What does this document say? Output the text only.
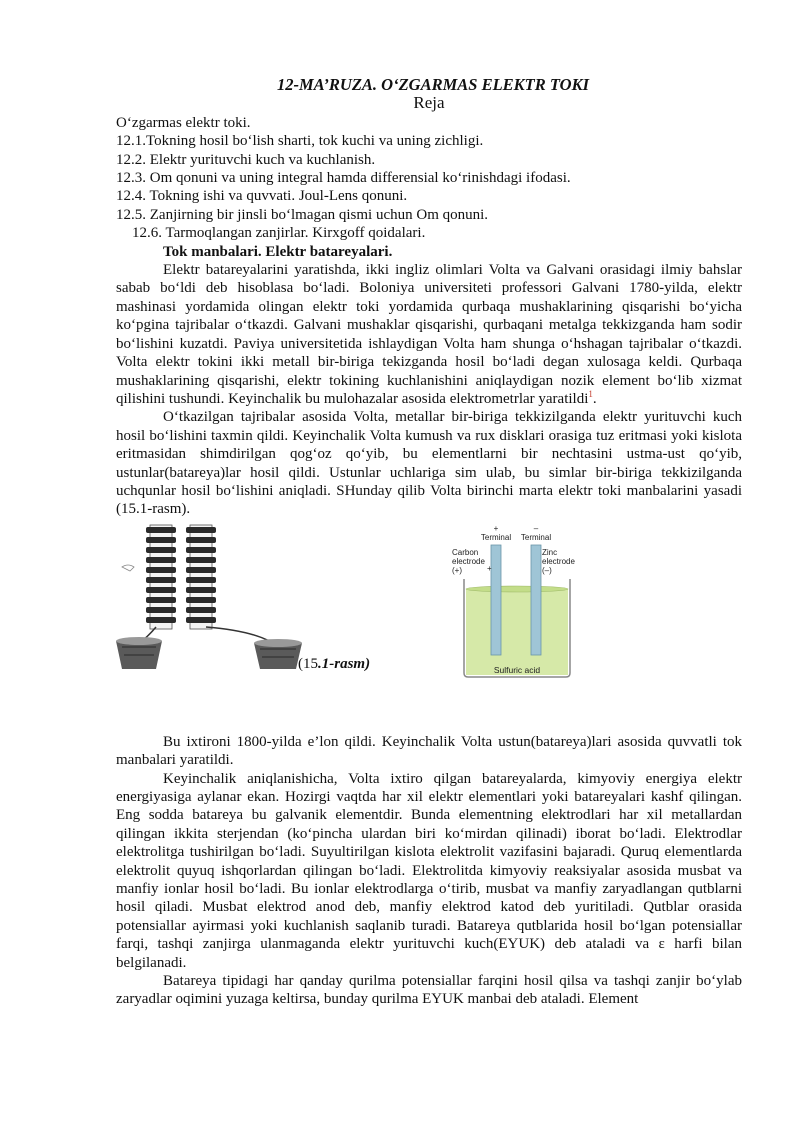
12-MA’RUZA. O‘ZGARMAS ELEKTR TOKI
Reja
O‘zgarmas elektr toki.
12.1.Tokning hosil bo‘lish sharti, tok kuchi va uning zichligi.
12.2. Elektr yurituvchi kuch va kuchlanish.
12.3. Om qonuni va uning integral hamda differensial ko‘rinishdagi ifodasi.
12.4. Tokning ishi va quvvati. Joul-Lens qonuni.
12.5. Zanjirning bir jinsli bo‘lmagan qismi uchun Om qonuni.
12.6. Tarmoqlangan zanjirlar. Kirxgoff qoidalari.
Tok manbalari. Elektr batareyalari.

Elektr batareyalarini yaratishda, ikki ingliz olimlari Volta va Galvani orasidagi ilmiy bahslar sabab bo‘ldi deb hisoblasa bo‘ladi. Boloniya universiteti professori Galvani 1780-yilda, elektr mashinasi yordamida olingan elektr toki yordamida qurbaqa mushaklarining qisqarishi bo‘yicha ko‘pgina tajribalar o‘tkazdi. Galvani mushaklar qisqarishi, qurbaqani metalga tekkizganda ham sodir bo‘lishini kuzatdi. Paviya universitetida ishlaydigan Volta ham shunga o‘hshagan tajribalar o‘tkazdi. Volta elektr tokini ikki metall bir-biriga tekizganda hosil bo‘ladi degan xulosaga keldi. Qurbaqa mushaklarining qisqarishi, elektr tokining kuchlanishini aniqlaydigan nozik element bo‘lib xizmat qilishini tushundi. Keyinchalik bu mulohazalar asosida elektrometrlar yaratildi$^1$.

O‘tkazilgan tajribalar asosida Volta, metallar bir-biriga tekkizilganda elektr yurituvchi kuch hosil bo‘lishini taxmin qildi. Keyinchalik Volta kumush va rux disklari orasiga tuz eritmasi yoki kislota eritmasidan shimdirilgan qog‘oz qo‘yib, bu elementlarni bir nechtasini ustma-ust qo‘yib, ustunlar(batareya)lar hosil qildi. Ustunlar uchlariga sim ulab, bu simlar bir-biriga tekkizilganda uchqunlar hosil bo‘lishini aniqladi. SHunday qilib Volta birinchi marta elektr toki manbalarini yasadi (15.1-rasm).

(15.1-rasm)
+	–
Terminal Terminal
Carbon
electrode
(+)
Zinc
electrode
(–)
+
Sulfuric acid

Bu ixtironi 1800-yilda e’lon qildi. Keyinchalik Volta ustun(batareya)lari asosida quvvatli tok manbalari yaratildi.

Keyinchalik aniqlanishicha, Volta ixtiro qilgan batareyalarda, kimyoviy energiya elektr energiyasiga aylanar ekan. Hozirgi vaqtda har xil elektr elementlari yoki batareyalari kashf qilingan. Eng sodda batareya bu galvanik elementdir. Bunda elementning elektrodlari har xil metallardan qilingan ikkita sterjendan (ko‘pincha ulardan biri ko‘mirdan qilinadi) iborat bo‘ladi. Elektrodlar elektrolitga tushirilgan bo‘ladi. Suyultirilgan kislota elektrolit vazifasini bajaradi. Quruq elementlarda elektrolit quyuq ishqorlardan qilingan bo‘ladi. Elektrolitda kimyoviy reaksiyalar asosida musbat va manfiy ionlar hosil bo‘ladi. Bu ionlar elektrodlarga o‘tirib, musbat va manfiy zaryadlangan qutblarni hosil qiladi. Musbat elektrod anod deb, manfiy elektrod katod deb yuritiladi. Qutblar orasida potensiallar ayirmasi yoki kuchlanish saqlanib turadi. Batareya qutblarida hosil bo‘lgan potensiallar farqi, tashqi zanjirga ulanmaganda elektr yurituvchi kuch(EYUK) deb ataladi va ε harfi bilan belgilanadi.

Batareya tipidagi har qanday qurilma potensiallar farqini hosil qilsa va tashqi zanjir bo‘ylab zaryadlar oqimini yuzaga keltirsa, bunday qurilma EYUK manbai deb ataladi. Element
